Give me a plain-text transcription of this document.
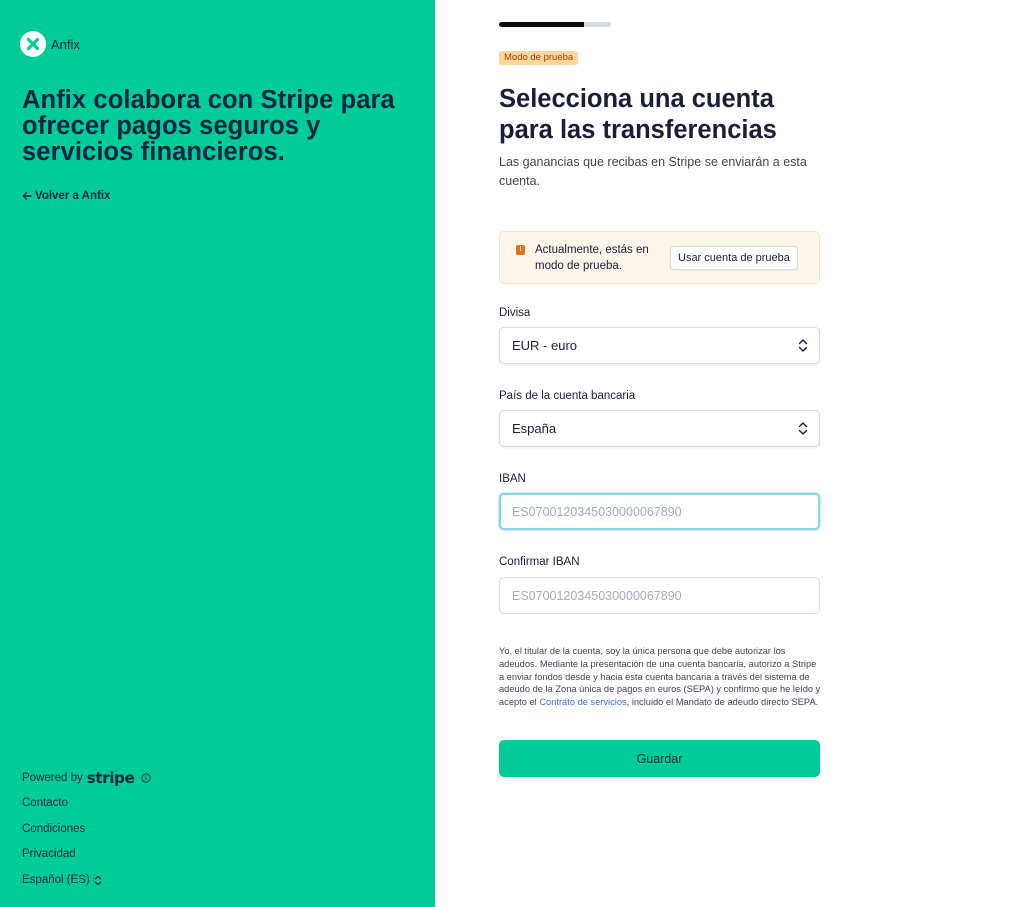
Anfix
Anfix colabora con Stripe para ofrecer pagos seguros y servicios financieros.
Volver a Anfix
Powered by stripe
Contacto
Condiciones
Privacidad
Español (ES)
Modo de prueba
Selecciona una cuenta para las transferencias

Las ganancias que recibas en Stripe se enviarán a esta cuenta.

! Actualmente, estás en modo de prueba.
Usar cuenta de prueba
Divisa
EUR - euro
País de la cuenta bancaria
España
IBAN
ES0700120345030000067890
Confirmar IBAN
ES0700120345030000067890

Yo, el titular de la cuenta, soy la única persona que debe autorizar los adeudos. Mediante la presentación de una cuenta bancaria, autorizo a Stripe a enviar fondos desde y hacia esta cuenta bancaria a través del sistema de adeudo de la Zona única de pagos en euros (SEPA) y confirmo que he leído y acepto el Contrato de servicios, incluido el Mandato de adeudo directo SEPA.

Guardar
